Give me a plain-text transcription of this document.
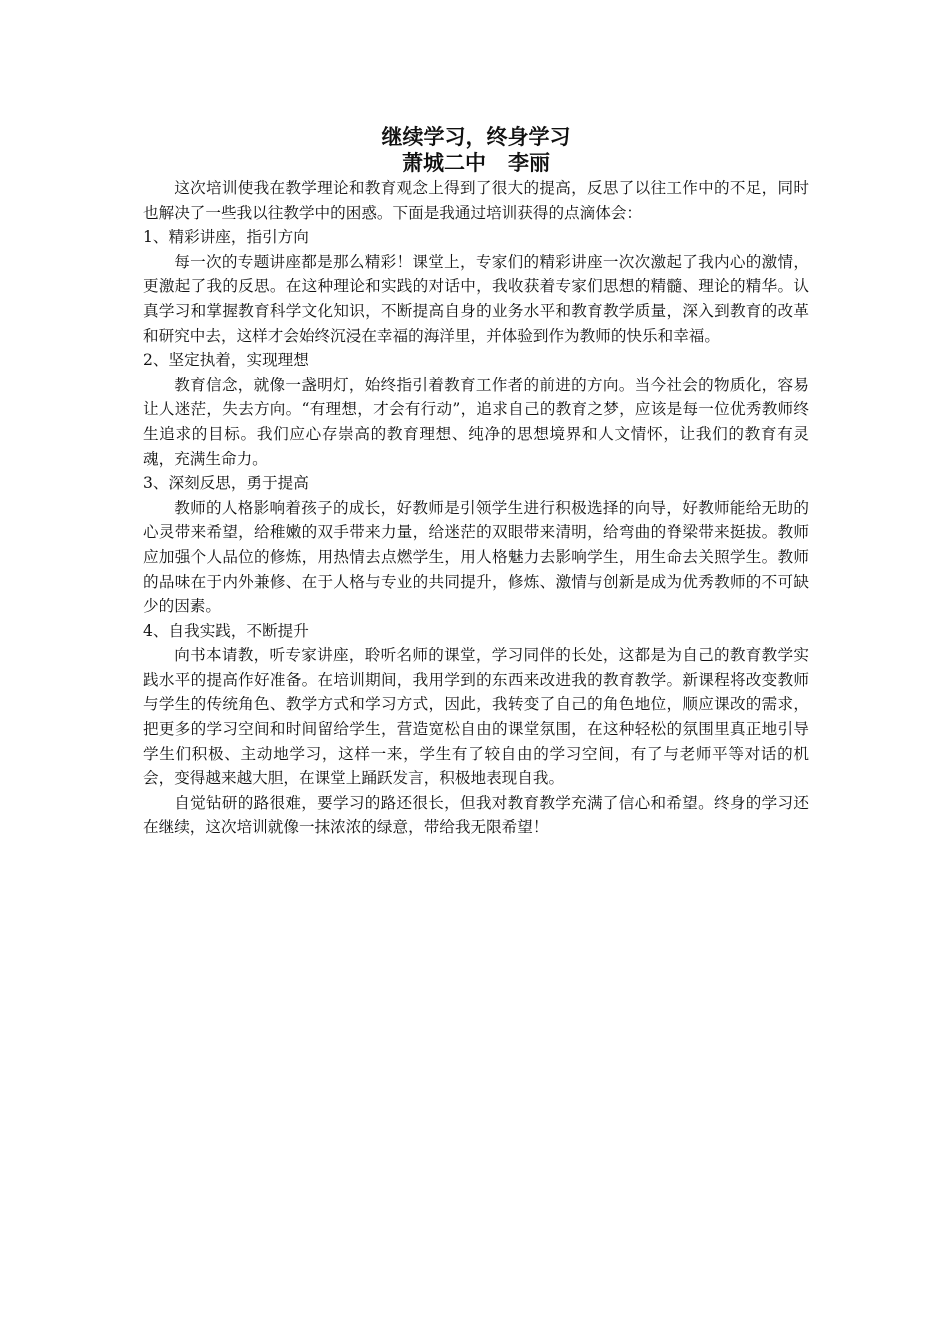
继续学习，终身学习
萧城二中   李丽

这次培训使我在教学理论和教育观念上得到了很大的提高，反思了以往工作中的不足，同时也解决了一些我以往教学中的困惑。下面是我通过培训获得的点滴体会：

1、精彩讲座，指引方向

每一次的专题讲座都是那么精彩！课堂上，专家们的精彩讲座一次次激起了我内心的激情，更激起了我的反思。在这种理论和实践的对话中，我收获着专家们思想的精髓、理论的精华。认真学习和掌握教育科学文化知识，不断提高自身的业务水平和教育教学质量，深入到教育的改革和研究中去，这样才会始终沉浸在幸福的海洋里，并体验到作为教师的快乐和幸福。

2、坚定执着，实现理想

教育信念，就像一盏明灯，始终指引着教育工作者的前进的方向。当今社会的物质化，容易让人迷茫，失去方向。“有理想，才会有行动”，追求自己的教育之梦，应该是每一位优秀教师终生追求的目标。我们应心存崇高的教育理想、纯净的思想境界和人文情怀，让我们的教育有灵魂，充满生命力。

3、深刻反思，勇于提高

教师的人格影响着孩子的成长，好教师是引领学生进行积极选择的向导，好教师能给无助的心灵带来希望，给稚嫩的双手带来力量，给迷茫的双眼带来清明，给弯曲的脊梁带来挺拔。教师应加强个人品位的修炼，用热情去点燃学生，用人格魅力去影响学生，用生命去关照学生。教师的品味在于内外兼修、在于人格与专业的共同提升，修炼、激情与创新是成为优秀教师的不可缺少的因素。

4、自我实践，不断提升

向书本请教，听专家讲座，聆听名师的课堂，学习同伴的长处，这都是为自己的教育教学实践水平的提高作好准备。在培训期间，我用学到的东西来改进我的教育教学。新课程将改变教师与学生的传统角色、教学方式和学习方式，因此，我转变了自己的角色地位，顺应课改的需求，把更多的学习空间和时间留给学生，营造宽松自由的课堂氛围，在这种轻松的氛围里真正地引导学生们积极、主动地学习，这样一来，学生有了较自由的学习空间，有了与老师平等对话的机会，变得越来越大胆，在课堂上踊跃发言，积极地表现自我。

自觉钻研的路很难，要学习的路还很长，但我对教育教学充满了信心和希望。终身的学习还在继续，这次培训就像一抹浓浓的绿意，带给我无限希望！
